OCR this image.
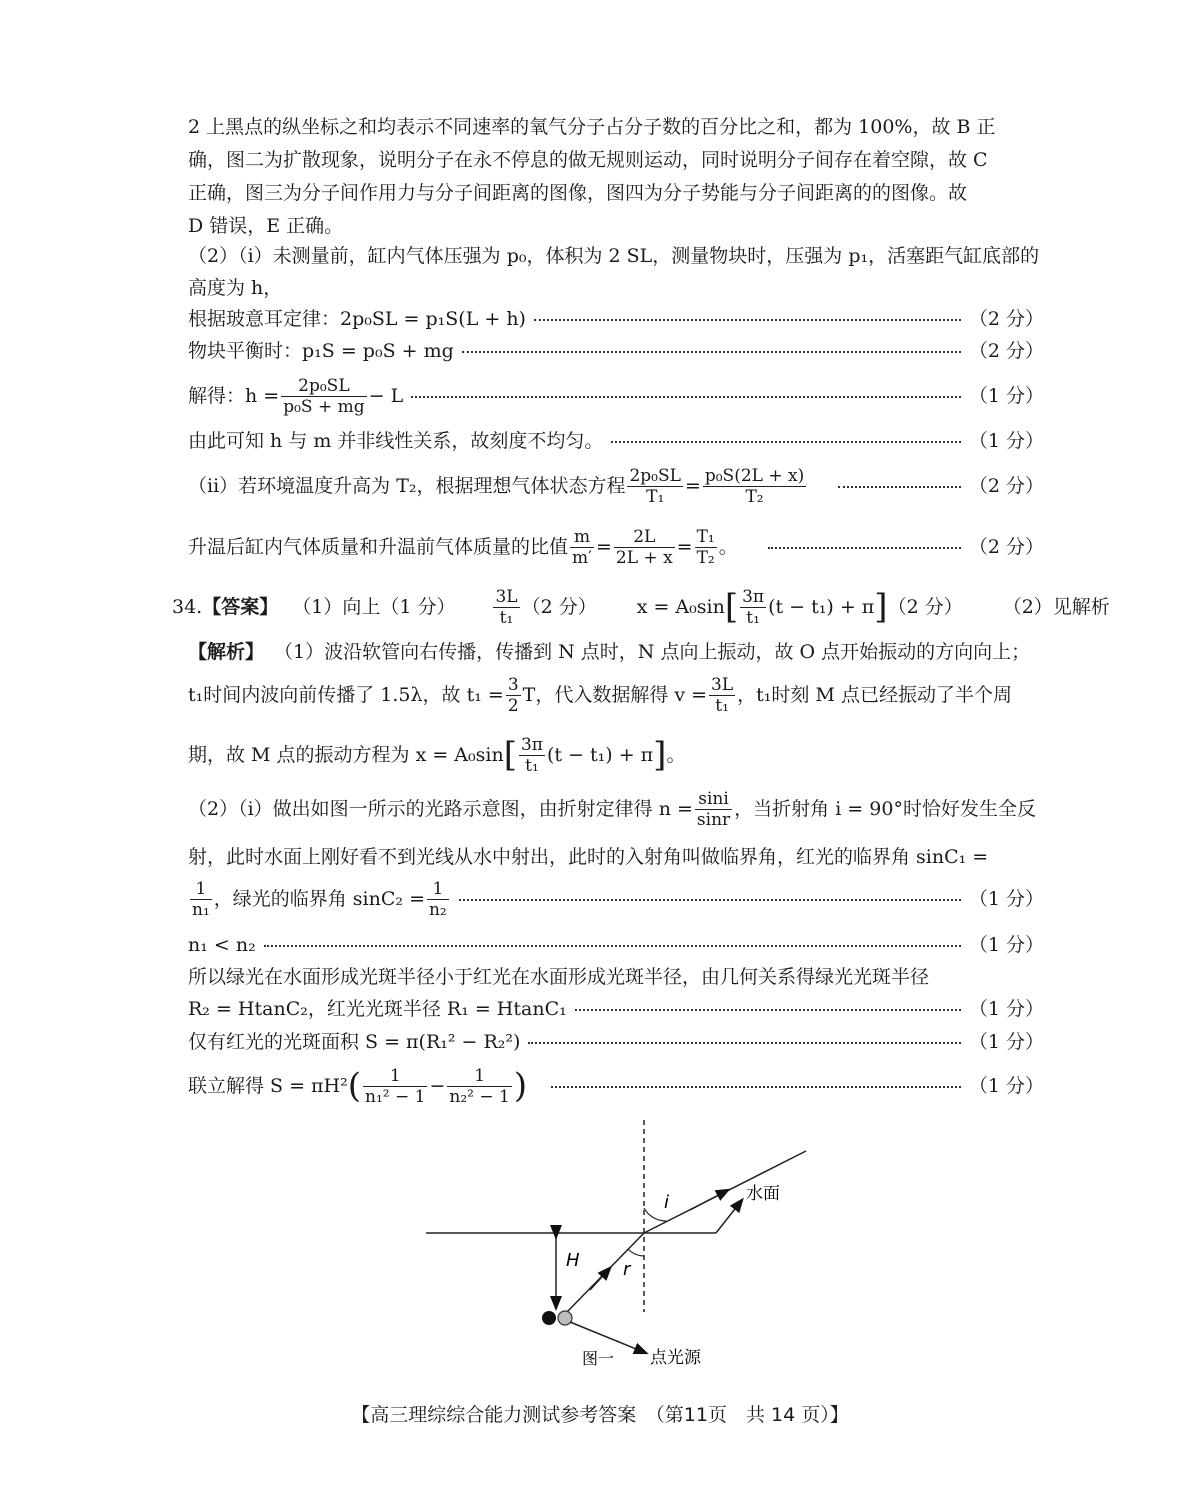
2 上黑点的纵坐标之和均表示不同速率的氧气分子占分子数的百分比之和，都为 100%，故 B 正
确，图二为扩散现象，说明分子在永不停息的做无规则运动，同时说明分子间存在着空隙，故 C
正确，图三为分子间作用力与分子间距离的图像，图四为分子势能与分子间距离的的图像。故
D 错误，E 正确。
（2）（i）未测量前，缸内气体压强为 p₀，体积为 2 SL，测量物块时，压强为 p₁，活塞距气缸底部的
高度为 h，
根据玻意耳定律：2p₀SL = p₁S(L + h)	（2 分）
物块平衡时：p₁S = p₀S + mg	（2 分）
解得：$h = \frac{\text{2p₀SL}}{\text{p₀S + mg}} - L$	（1 分）
由此可知 h 与 m 并非线性关系，故刻度不均匀。	（1 分）
（ii）若环境温度升高为 T₂，根据理想气体状态方程 $\frac{\text{2p₀SL}}{\text{T₁}} = \frac{\text{p₀S(2L + x)}}{\text{T₂}}$	（2 分）
升温后缸内气体质量和升温前气体质量的比值 $\frac{m}{m'} = \frac{2L}{2L + x} = \frac{\text{T₁}}{\text{T₂}}$ 。	（2 分）
34. 【答案】 （1）向上（1 分） $\frac{3L}{\text{t₁}} (2$ 分） x = A₀sin [ $\frac{3\pi}{\text{t₁}} (t - t_1) + \pi$ ] （2 分） （2）见解析
【解析】 （1）波沿软管向右传播，传播到 N 点时，N 点向上振动，故 O 点开始振动的方向向上；
t₁时间内波向前传播了 1.5λ，故 $t_1 = \frac{3}{2}$ T，代入数据解得 $v = \frac{3L}{\text{t₁}}$ ，t₁时刻 M 点已经振动了半个周
期，故 M 点的振动方程为 x = A₀sin [ $\frac{3\pi}{\text{t₁}} (t - t_1) + \pi$ ] 。
（2）（i）做出如图一所示的光路示意图，由折射定律得 $n = \frac{\sin i}{\sin r}$ ，当折射角 i = 90°时恰好发生全反
射，此时水面上刚好看不到光线从水中射出，此时的入射角叫做临界角，红光的临界角 sinC₁ =
$\frac{1}{\text{n₁}}$ ，绿光的临界角 $\sin C_2 = \frac{1}{\text{n₂}}$	（1 分）
n₁ < n₂	（1 分）
所以绿光在水面形成光斑半径小于红光在水面形成光斑半径，由几何关系得绿光光斑半径
R₂ = HtanC₂，红光光斑半径 R₁ = HtanC₁	（1 分）
仅有红光的光斑面积 S = π(R₁² − R₂²)	（1 分）
联立解得 S = πH² ( $\frac{1}{\text{n₁² − 1}} - \frac{1}{\text{n₂² − 1}}$ )	（1 分）
i
r
H
水面
点光源
图一
【高三理综综合能力测试参考答案　（第11页　共 14 页）】
